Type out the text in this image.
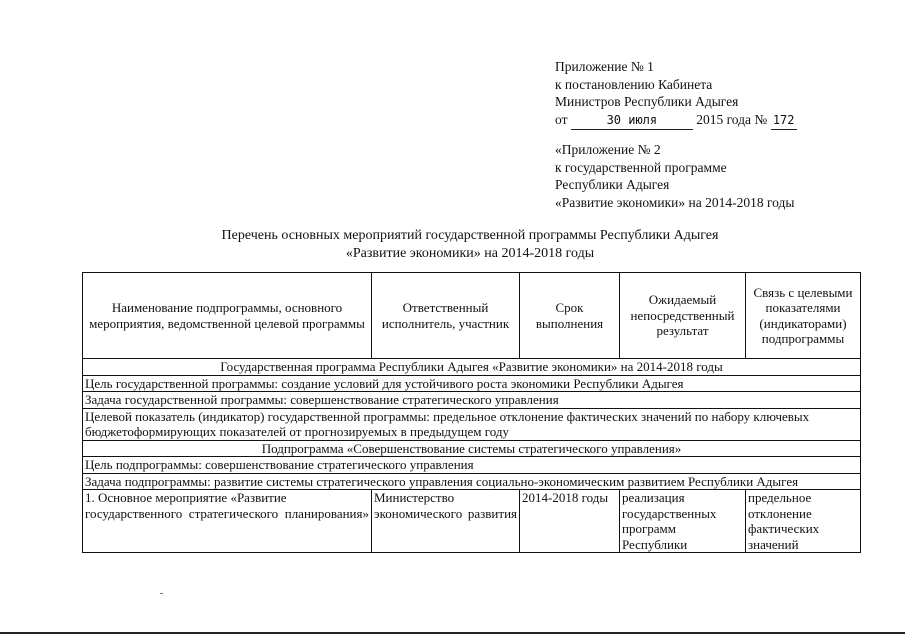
Приложение № 1
к постановлению Кабинета
Министров Республики Адыгея
от	30 июля	2015 года № 172
«Приложение № 2
к государственной программе
Республики Адыгея
«Развитие экономики» на 2014-2018 годы
Перечень основных мероприятий государственной программы Республики Адыгея
«Развитие экономики» на 2014-2018 годы
Наименование подпрограммы, основного мероприятия, ведомственной целевой программы	Ответственный исполнитель, участник	Срок выполнения	Ожидаемый непосредственный результат	Связь с целевыми показателями (индикаторами) подпрограммы
Государственная программа Республики Адыгея «Развитие экономики» на 2014-2018 годы				
Цель государственной программы: создание условий для устойчивого роста экономики Республики Адыгея				
Задача государственной программы: совершенствование стратегического управления				
Целевой показатель (индикатор) государственной программы: предельное отклонение фактических значений по набору ключевых бюджетоформирующих показателей от прогнозируемых в предыдущем году				
Подпрограмма «Совершенствование системы стратегического управления»				
Цель подпрограммы: совершенствование стратегического управления				
Задача подпрограммы: развитие системы стратегического управления социально-экономическим развитием Республики Адыгея				
1. Основное мероприятие «Развитие государственного стратегического планирования»	Министерство экономического развития	2014-2018 годы	реализация государственных программ Республики	предельное отклонение фактических значений
